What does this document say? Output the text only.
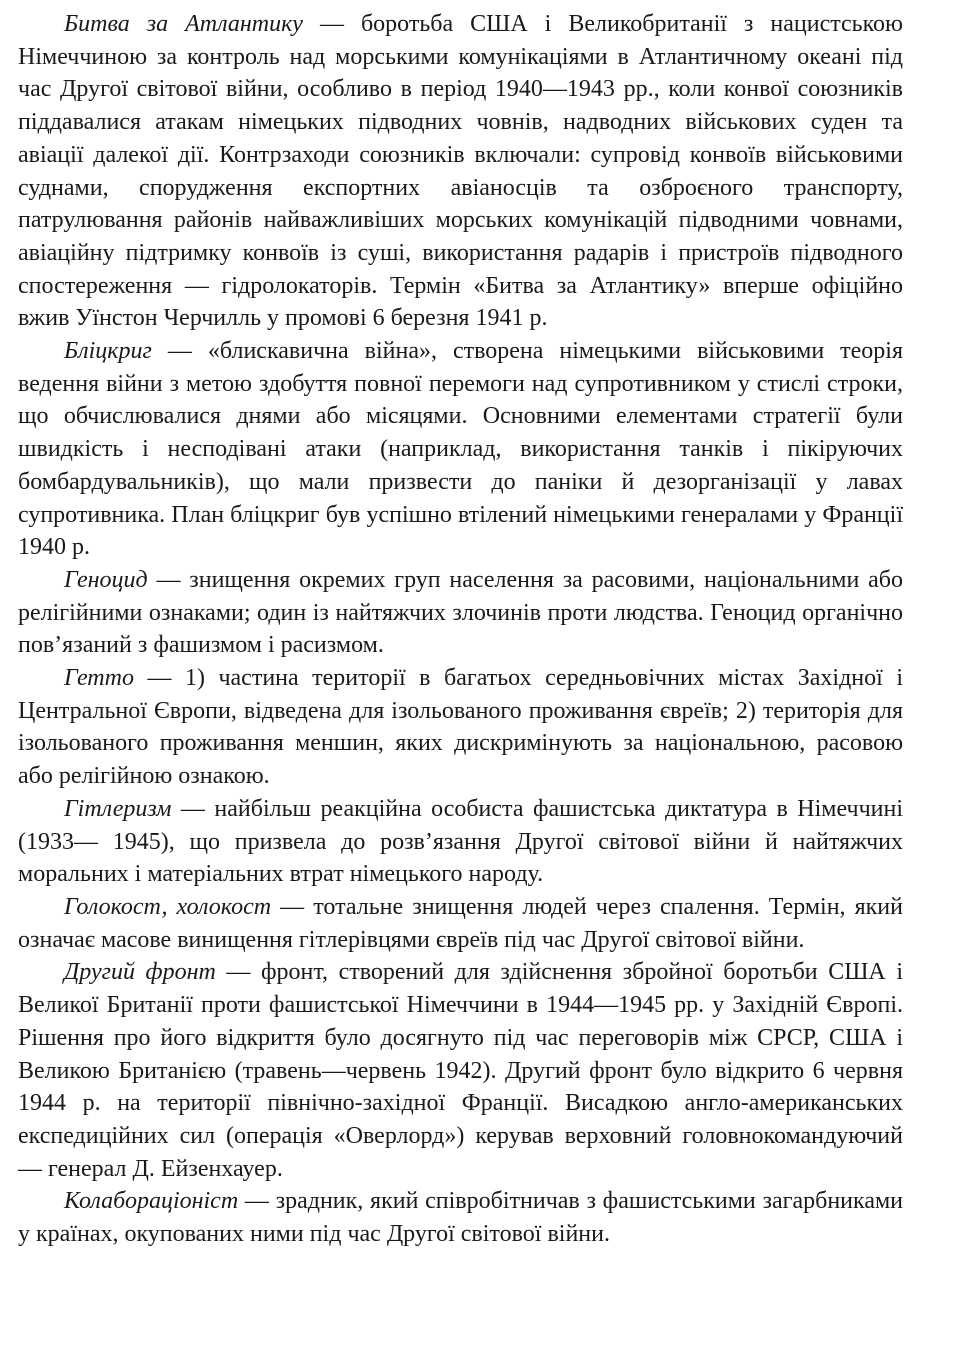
Битва за Атлантику — боротьба США і Великобританії з нацистською Німеччиною за контроль над морськими комунікаціями в Атлантичному океані під час Другої світової війни, особливо в період 1940—1943 рр., коли конвої союзників піддавалися атакам німецьких підводних човнів, надводних військових суден та авіації далекої дії. Контрзаходи союзників включали: супровід конвоїв військовими суднами, спорудження експортних авіаносців та озброєного транспорту, патрулювання районів найважливіших морських комунікацій підводними човнами, авіаційну підтримку конвоїв із суші, використання радарів і пристроїв підводного спостереження — гідролокаторів. Термін «Битва за Атлантику» вперше офіційно вжив Уїнстон Черчилль у промові 6 березня 1941 р.

Бліцкриг — «блискавична війна», створена німецькими військовими теорія ведення війни з метою здобуття повної перемоги над супротивником у стислі строки, що обчислювалися днями або місяцями. Основними елементами стратегії були швидкість і несподівані атаки (наприклад, використання танків і пікіруючих бомбардувальників), що мали призвести до паніки й дезорганізації у лавах супротивника. План бліцкриг був успішно втілений німецькими генералами у Франції 1940 р.

Геноцид — знищення окремих груп населення за расовими, національними або релігійними ознаками; один із найтяжчих злочинів проти людства. Геноцид органічно пов’язаний з фашизмом і расизмом.

Гетто — 1) частина території в багатьох середньовічних містах Західної і Центральної Європи, відведена для ізольованого проживання євреїв; 2) територія для ізольованого проживання меншин, яких дискримінують за національною, расовою або релігійною ознакою.

Гітлеризм — найбільш реакційна особиста фашистська диктатура в Німеччині (1933— 1945), що призвела до розв’язання Другої світової війни й найтяжчих моральних і матеріальних втрат німецького народу.

Голокост, холокост — тотальне знищення людей через спалення. Термін, який означає масове винищення гітлерівцями євреїв під час Другої світової війни.

Другий фронт — фронт, створений для здійснення збройної боротьби США і Великої Британії проти фашистської Німеччини в 1944—1945 рр. у Західній Європі. Рішення про його відкриття було досягнуто під час переговорів між СРСР, США і Великою Британією (травень—червень 1942). Другий фронт було відкрито 6 червня 1944 р. на території північно-західної Франції. Висадкою англо-американських експедиційних сил (операція «Оверлорд») керував верховний головнокомандуючий — генерал Д. Ейзенхауер.

Колабораціоніст — зрадник, який співробітничав з фашистськими загарбниками у країнах, окупованих ними під час Другої світової війни.
